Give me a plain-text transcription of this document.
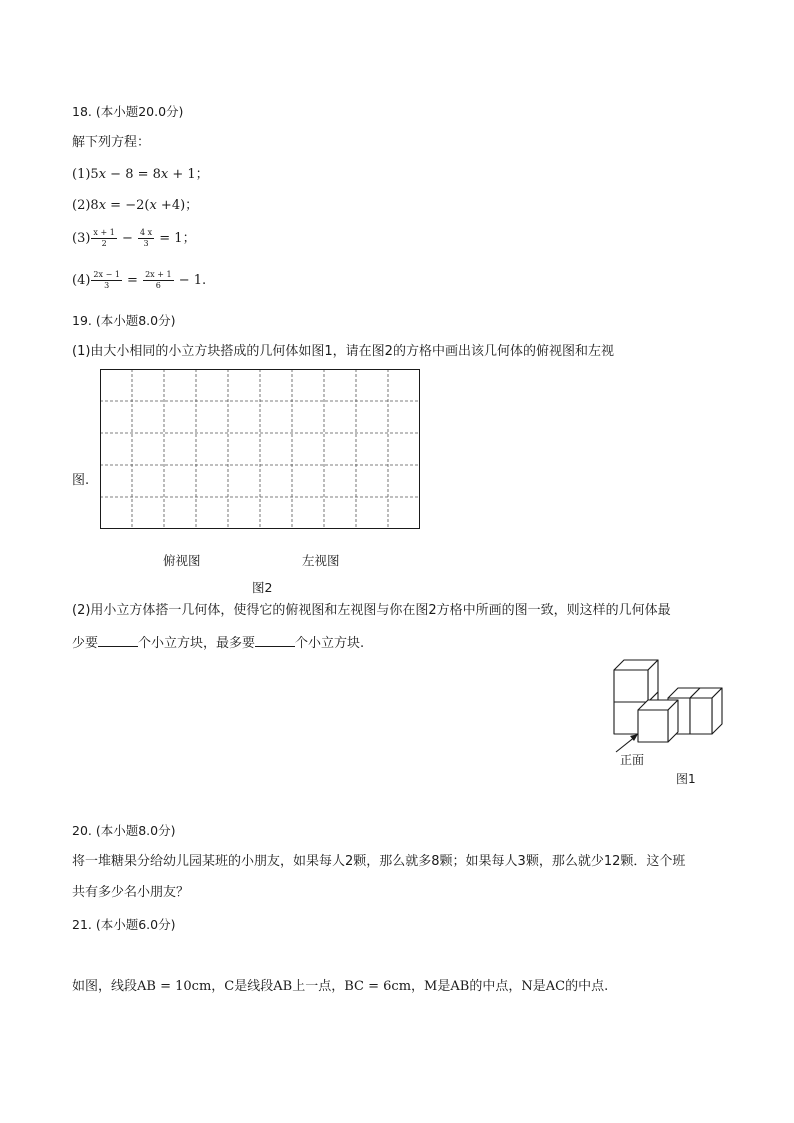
18. (本小题20.0分)
解下列方程：
(1)5x − 8 = 8x + 1；
(2)8x = −2(x +4)；
$(3) \frac{x + 1}{2} - \frac{4 x}{3} = 1$；
$(4) \frac{2x - 1}{3} = \frac{2x + 1}{6} - 1$.
19. (本小题8.0分)
(1)由大小相同的小立方块搭成的几何体如图1，请在图2的方格中画出该几何体的俯视图和左视
图.
俯视图	左视图
图2
(2)用小立方体搭一几何体，使得它的俯视图和左视图与你在图2方格中所画的图一致，则这样的几何体最
少要	个小立方块，最多要	个小立方块.
正面
图1
20. (本小题8.0分)
将一堆糖果分给幼儿园某班的小朋友，如果每人2颗，那么就多8颗；如果每人3颗，那么就少12颗．这个班
共有多少名小朋友？
21. (本小题6.0分)
如图，线段AB = 10cm，C是线段AB上一点，BC = 6cm，M是AB的中点，N是AC的中点.
